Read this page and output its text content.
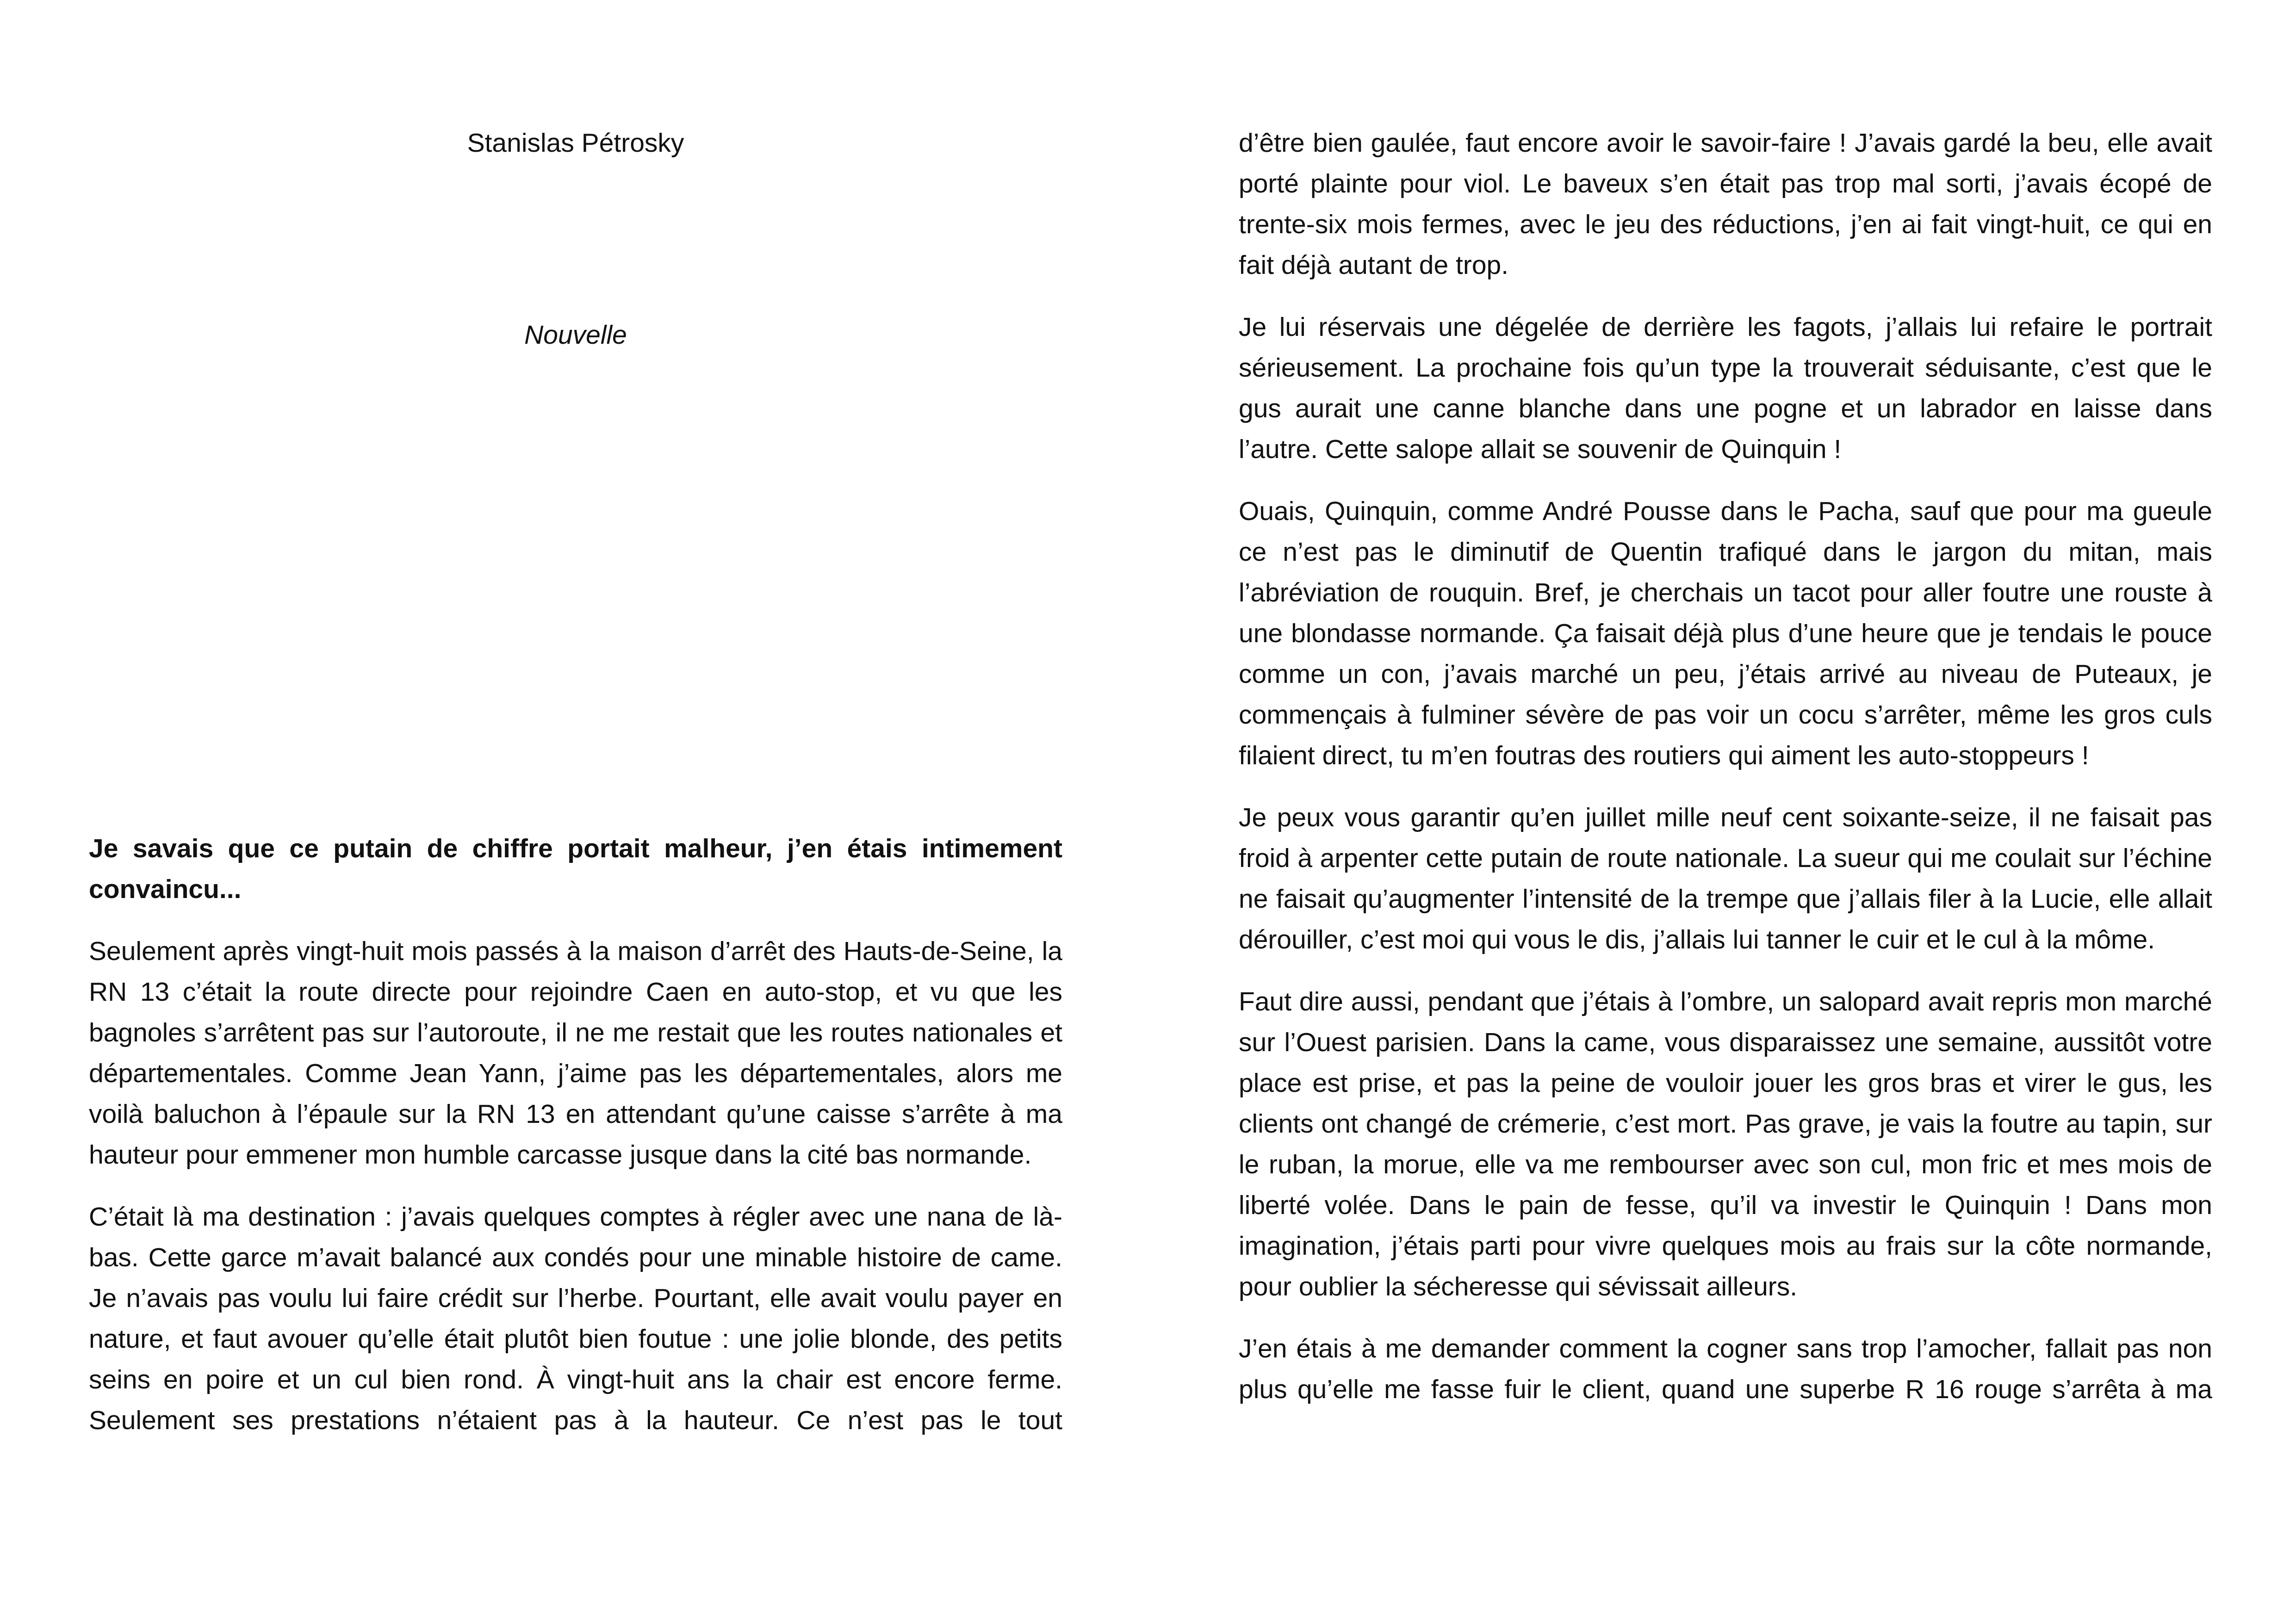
Stanislas Pétrosky
Nouvelle

Je savais que ce putain de chiffre portait malheur, j’en étais intimement convaincu...

Seulement après vingt-huit mois passés à la maison d’arrêt des Hauts-de-Seine, la RN 13 c’était la route directe pour rejoindre Caen en auto-stop, et vu que les bagnoles s’arrêtent pas sur l’autoroute, il ne me restait que les routes nationales et départementales. Comme Jean Yann, j’aime pas les départementales, alors me voilà baluchon à l’épaule sur la RN 13 en attendant qu’une caisse s’arrête à ma hauteur pour emmener mon humble carcasse jusque dans la cité bas normande.

C’était là ma destination : j’avais quelques comptes à régler avec une nana de là-bas. Cette garce m’avait balancé aux condés pour une minable histoire de came. Je n’avais pas voulu lui faire crédit sur l’herbe. Pourtant, elle avait voulu payer en nature, et faut avouer qu’elle était plutôt bien foutue : une jolie blonde, des petits seins en poire et un cul bien rond. À vingt-huit ans la chair est encore ferme. Seulement ses prestations n’étaient pas à la hauteur. Ce n’est pas le tout

d’être bien gaulée, faut encore avoir le savoir-faire ! J’avais gardé la beu, elle avait porté plainte pour viol. Le baveux s’en était pas trop mal sorti, j’avais écopé de trente-six mois fermes, avec le jeu des réductions, j’en ai fait vingt-huit, ce qui en fait déjà autant de trop.

Je lui réservais une dégelée de derrière les fagots, j’allais lui refaire le portrait sérieusement. La prochaine fois qu’un type la trouverait séduisante, c’est que le gus aurait une canne blanche dans une pogne et un labrador en laisse dans l’autre. Cette salope allait se souvenir de Quinquin !

Ouais, Quinquin, comme André Pousse dans le Pacha, sauf que pour ma gueule ce n’est pas le diminutif de Quentin trafiqué dans le jargon du mitan, mais l’abréviation de rouquin. Bref, je cherchais un tacot pour aller foutre une rouste à une blondasse normande. Ça faisait déjà plus d’une heure que je tendais le pouce comme un con, j’avais marché un peu, j’étais arrivé au niveau de Puteaux, je commençais à fulminer sévère de pas voir un cocu s’arrêter, même les gros culs filaient direct, tu m’en foutras des routiers qui aiment les auto-stoppeurs !

Je peux vous garantir qu’en juillet mille neuf cent soixante-seize, il ne faisait pas froid à arpenter cette putain de route nationale. La sueur qui me coulait sur l’échine ne faisait qu’augmenter l’intensité de la trempe que j’allais filer à la Lucie, elle allait dérouiller, c’est moi qui vous le dis, j’allais lui tanner le cuir et le cul à la môme.

Faut dire aussi, pendant que j’étais à l’ombre, un salopard avait repris mon marché sur l’Ouest parisien. Dans la came, vous disparaissez une semaine, aussitôt votre place est prise, et pas la peine de vouloir jouer les gros bras et virer le gus, les clients ont changé de crémerie, c’est mort. Pas grave, je vais la foutre au tapin, sur le ruban, la morue, elle va me rembourser avec son cul, mon fric et mes mois de liberté volée. Dans le pain de fesse, qu’il va investir le Quinquin ! Dans mon imagination, j’étais parti pour vivre quelques mois au frais sur la côte normande, pour oublier la sécheresse qui sévissait ailleurs.

J’en étais à me demander comment la cogner sans trop l’amocher, fallait pas non plus qu’elle me fasse fuir le client, quand une superbe R 16 rouge s’arrêta à ma
